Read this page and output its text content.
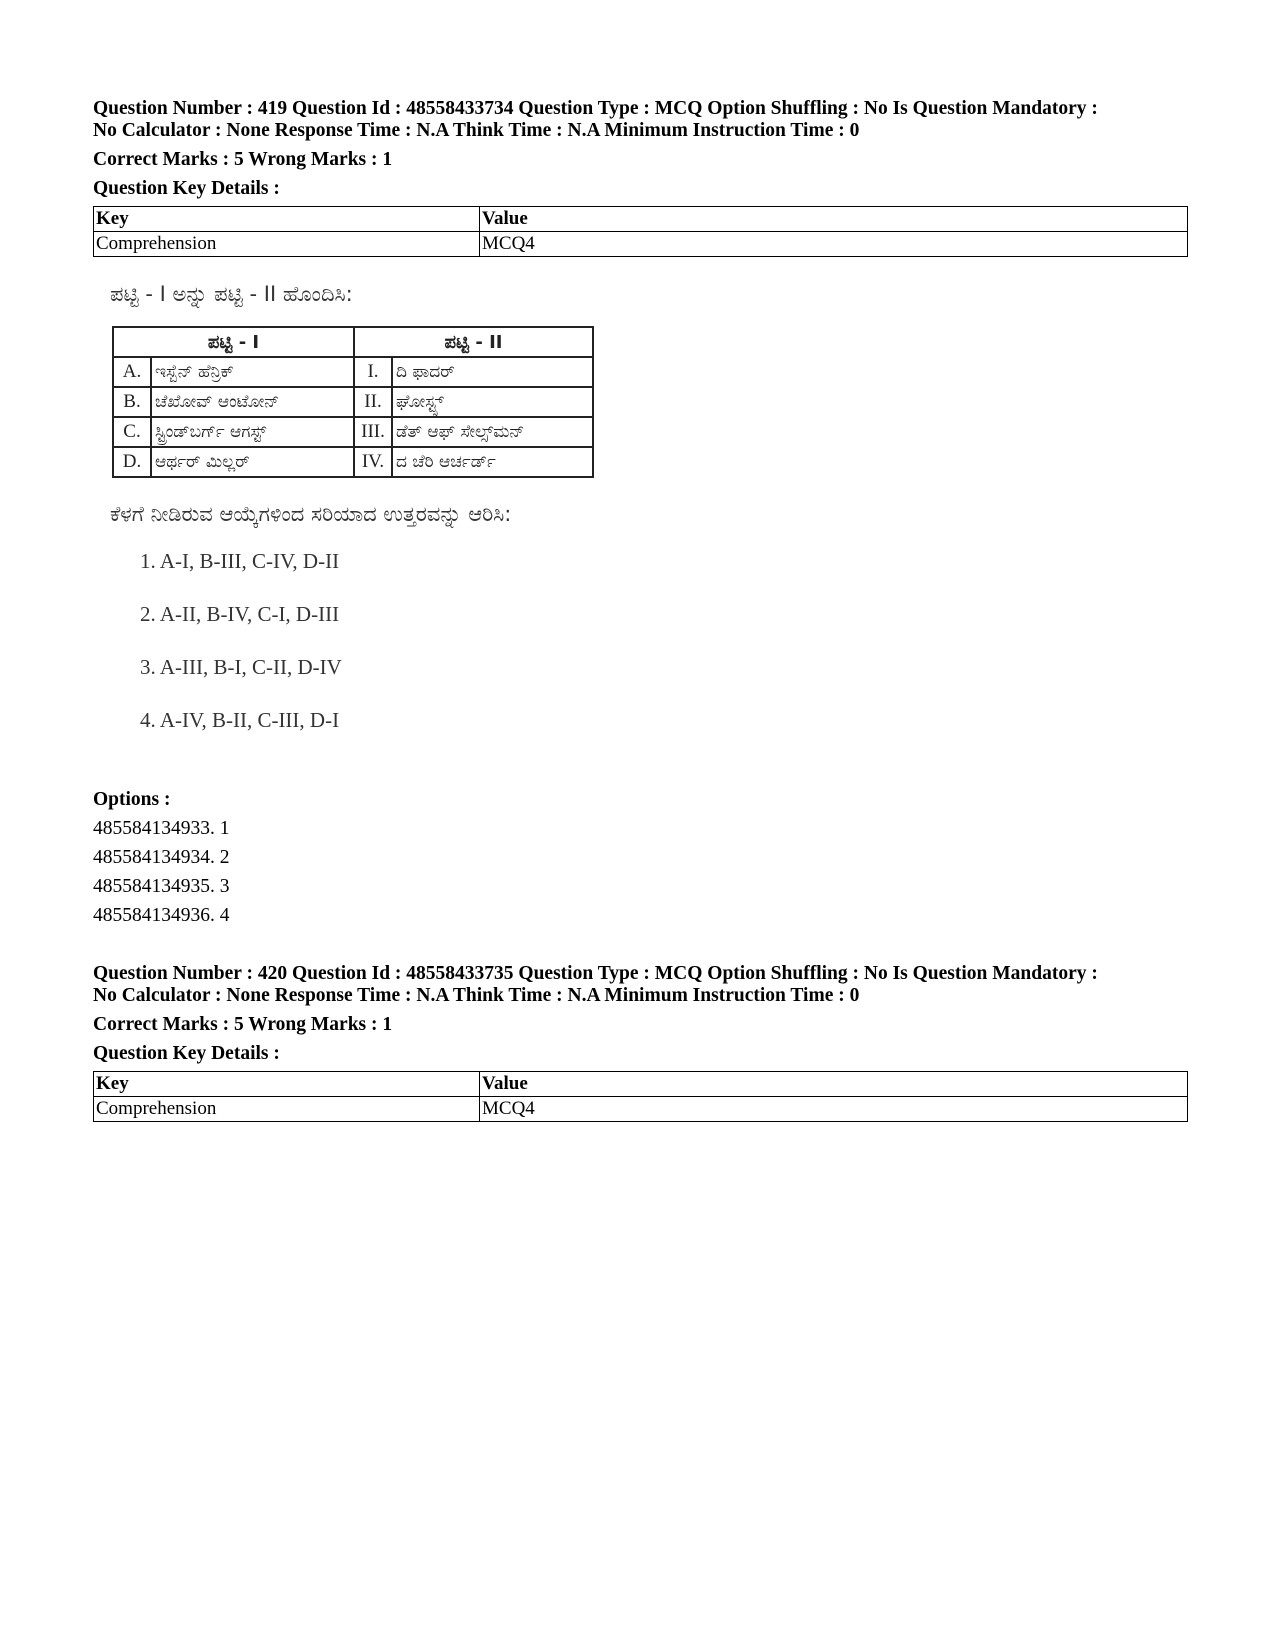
Question Number : 419 Question Id : 48558433734 Question Type : MCQ Option Shuffling : No Is Question Mandatory :

No Calculator : None Response Time : N.A Think Time : N.A Minimum Instruction Time : 0

Correct Marks : 5 Wrong Marks : 1
Question Key Details :
Key	Value
Comprehension	MCQ4
ಪಟ್ಟಿ - I ಅನ್ನು ಪಟ್ಟಿ - II ಹೊಂದಿಸಿ:
ಪಟ್ಟಿ - I		ಪಟ್ಟಿ - II	
A.	ಇಸ್ಬೆನ್ ಹೆನ್ರಿಕ್	I.	ದಿ ಫಾದರ್
B.	ಚೆಖೋವ್ ಆಂಟೋನ್	II.	ಘೋಸ್ಟ್ಸ್
C.	ಸ್ಟ್ರಿಂಡ್‌ಬರ್ಗ್ ಆಗಸ್ಟ್	III.	ಡೆತ್ ಆಫ್ ಸೇಲ್ಸ್‌ಮನ್
D.	ಆರ್ಥರ್ ಮಿಲ್ಲರ್	IV.	ದ ಚೆರಿ ಆರ್ಚರ್ಡ್
ಕೆಳಗೆ ನೀಡಿರುವ ಆಯ್ಕೆಗಳಿಂದ ಸರಿಯಾದ ಉತ್ತರವನ್ನು ಆರಿಸಿ:
1. A-I, B-III, C-IV, D-II
2. A-II, B-IV, C-I, D-III
3. A-III, B-I, C-II, D-IV
4. A-IV, B-II, C-III, D-I
Options :
485584134933. 1
485584134934. 2
485584134935. 3
485584134936. 4

Question Number : 420 Question Id : 48558433735 Question Type : MCQ Option Shuffling : No Is Question Mandatory :

No Calculator : None Response Time : N.A Think Time : N.A Minimum Instruction Time : 0

Correct Marks : 5 Wrong Marks : 1
Question Key Details :
Key	Value
Comprehension	MCQ4
